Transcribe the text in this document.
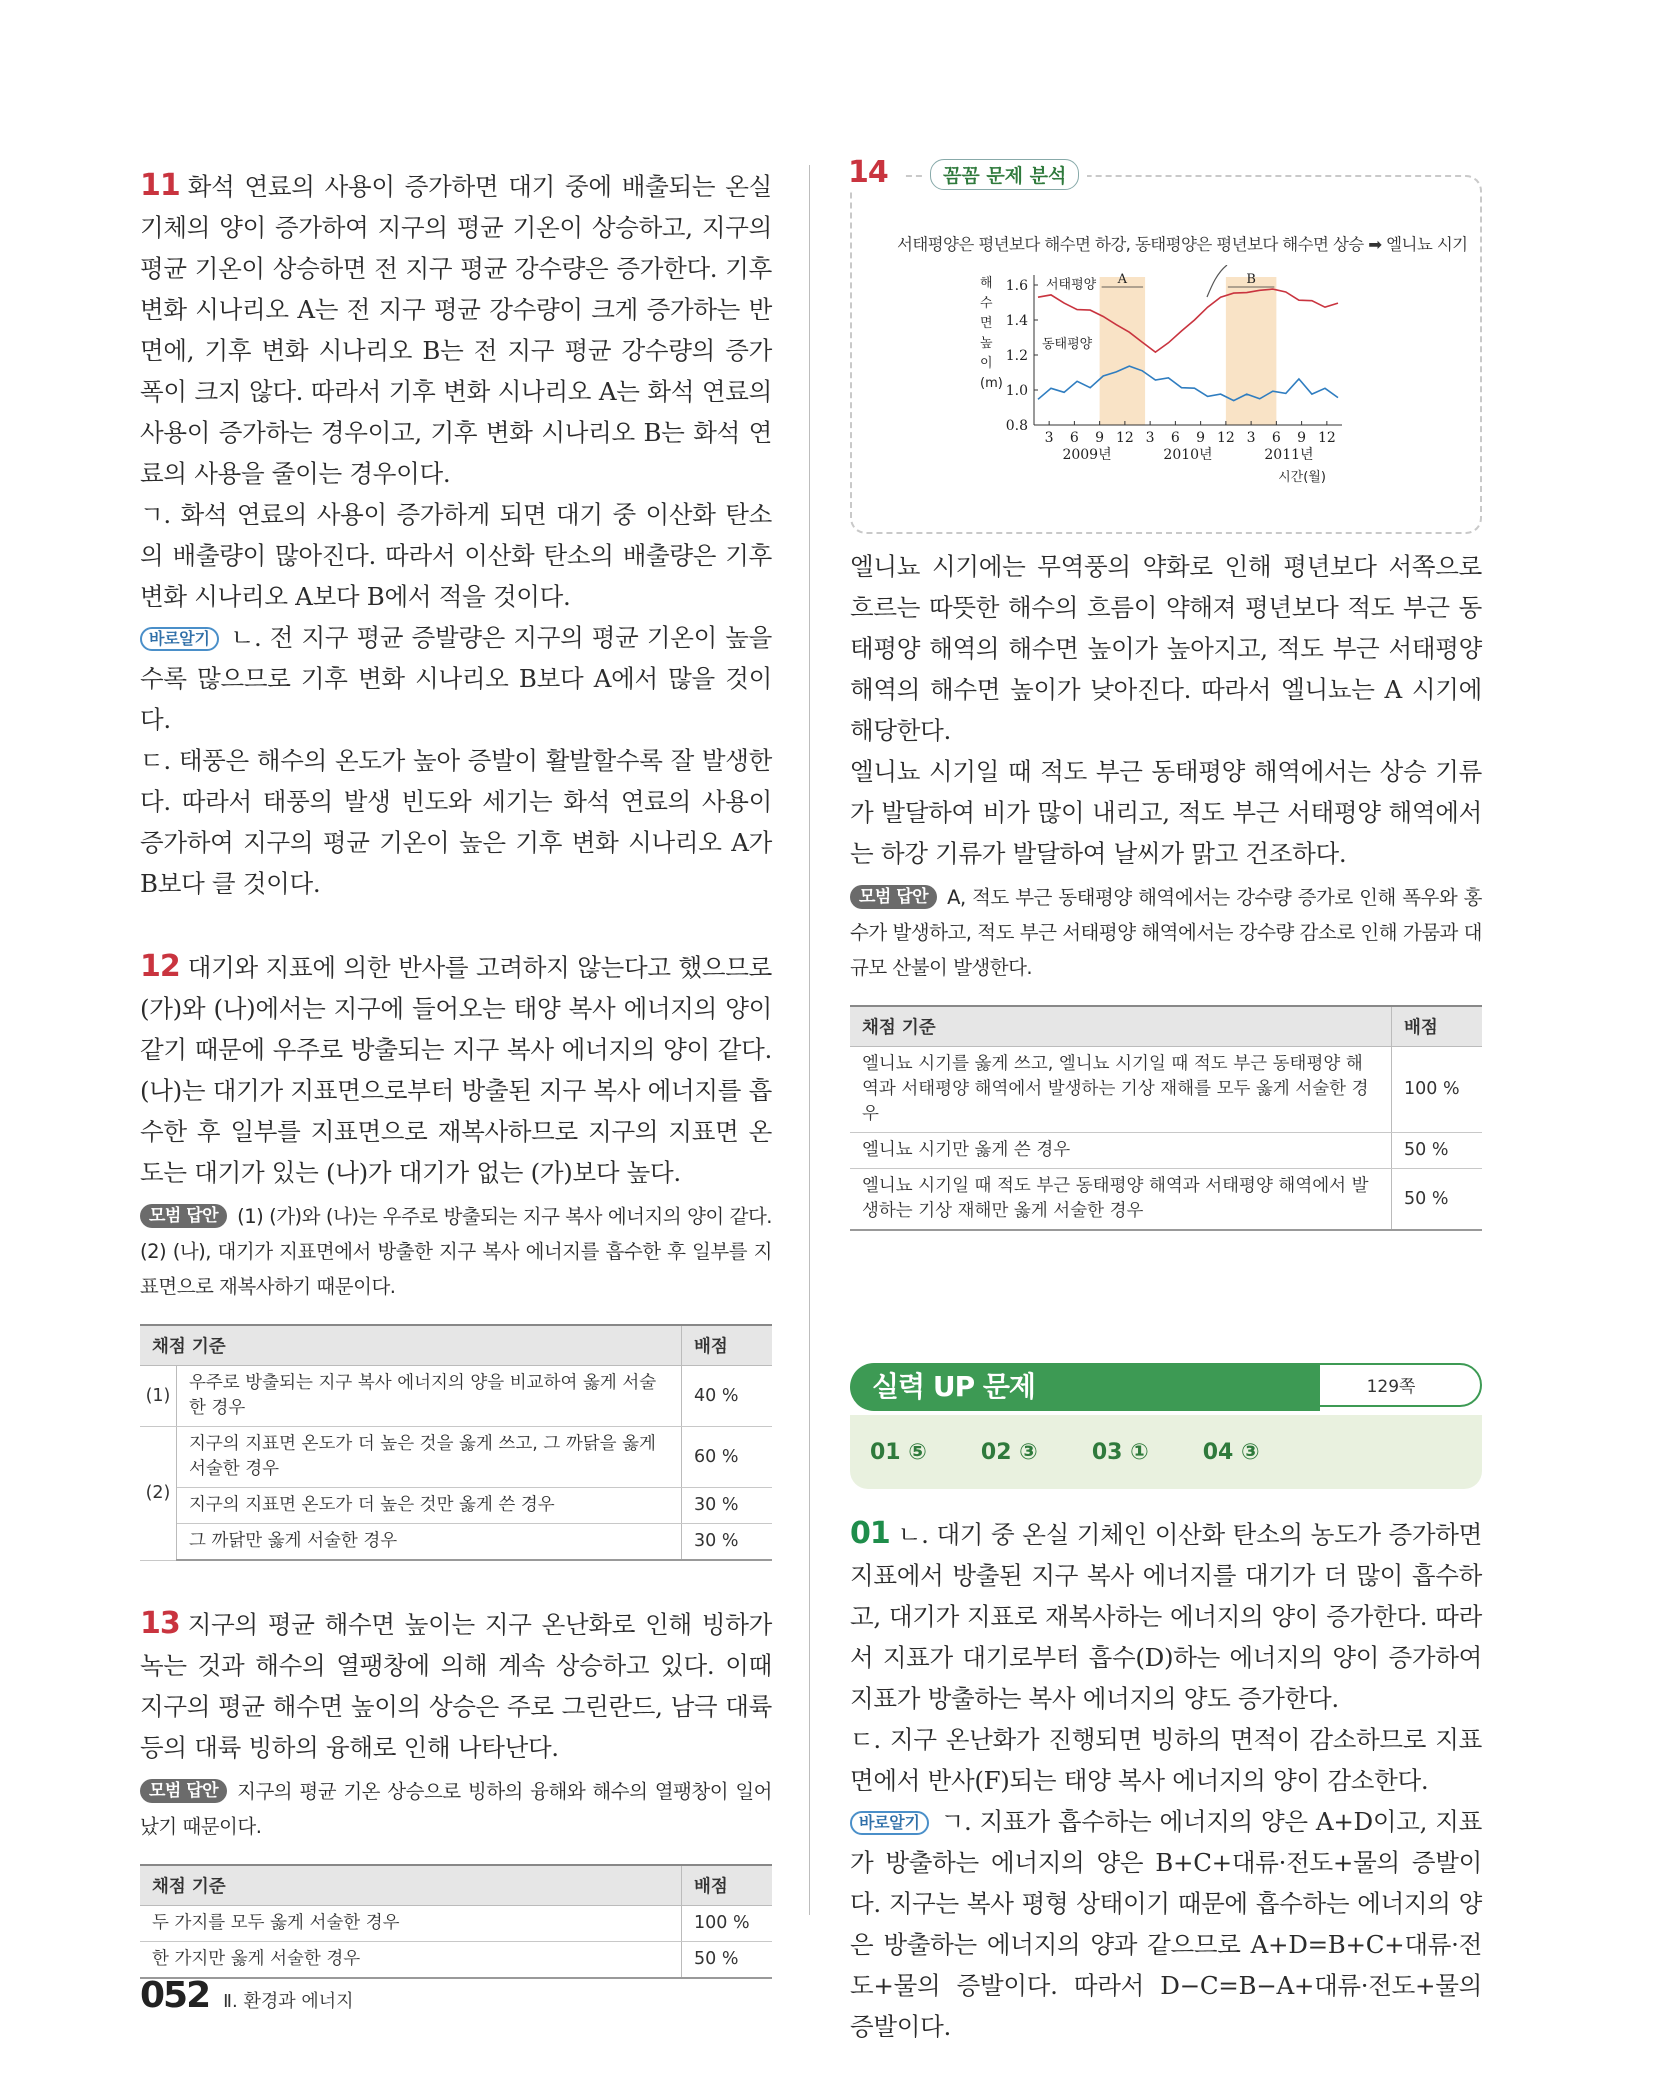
11 화석 연료의 사용이 증가하면 대기 중에 배출되는 온실 기체의 양이 증가하여 지구의 평균 기온이 상승하고, 지구의 평균 기온이 상승하면 전 지구 평균 강수량은 증가한다. 기후 변화 시나리오 A는 전 지구 평균 강수량이 크게 증가하는 반면에, 기후 변화 시나리오 B는 전 지구 평균 강수량의 증가 폭이 크지 않다. 따라서 기후 변화 시나리오 A는 화석 연료의 사용이 증가하는 경우이고, 기후 변화 시나리오 B는 화석 연료의 사용을 줄이는 경우이다.

ㄱ. 화석 연료의 사용이 증가하게 되면 대기 중 이산화 탄소의 배출량이 많아진다. 따라서 이산화 탄소의 배출량은 기후 변화 시나리오 A보다 B에서 적을 것이다.

바로알기 ㄴ. 전 지구 평균 증발량은 지구의 평균 기온이 높을수록 많으므로 기후 변화 시나리오 B보다 A에서 많을 것이다.

ㄷ. 태풍은 해수의 온도가 높아 증발이 활발할수록 잘 발생한다. 따라서 태풍의 발생 빈도와 세기는 화석 연료의 사용이 증가하여 지구의 평균 기온이 높은 기후 변화 시나리오 A가 B보다 클 것이다.

12 대기와 지표에 의한 반사를 고려하지 않는다고 했으므로 (가)와 (나)에서는 지구에 들어오는 태양 복사 에너지의 양이 같기 때문에 우주로 방출되는 지구 복사 에너지의 양이 같다. (나)는 대기가 지표면으로부터 방출된 지구 복사 에너지를 흡수한 후 일부를 지표면으로 재복사하므로 지구의 지표면 온도는 대기가 있는 (나)가 대기가 없는 (가)보다 높다.

모범 답안 (1) (가)와 (나)는 우주로 방출되는 지구 복사 에너지의 양이 같다. (2) (나), 대기가 지표면에서 방출한 지구 복사 에너지를 흡수한 후 일부를 지표면으로 재복사하기 때문이다.

채점 기준		배점
(1)	우주로 방출되는 지구 복사 에너지의 양을 비교하여 옳게 서술한 경우	40 %
(2)	지구의 지표면 온도가 더 높은 것을 옳게 쓰고, 그 까닭을 옳게 서술한 경우	60 %
	지구의 지표면 온도가 더 높은 것만 옳게 쓴 경우	30 %
	그 까닭만 옳게 서술한 경우	30 %

13 지구의 평균 해수면 높이는 지구 온난화로 인해 빙하가 녹는 것과 해수의 열팽창에 의해 계속 상승하고 있다. 이때 지구의 평균 해수면 높이의 상승은 주로 그린란드, 남극 대륙 등의 대륙 빙하의 융해로 인해 나타난다.

모범 답안 지구의 평균 기온 상승으로 빙하의 융해와 해수의 열팽창이 일어났기 때문이다.

채점 기준	배점
두 가지를 모두 옳게 서술한 경우	100 %
한 가지만 옳게 서술한 경우	50 %
14	꼼꼼 문제 분석
서태평양은 평년보다 해수면 하강, 동태평양은 평년보다 해수면 상승 ➡ 엘니뇨 시기
A	B
1.6
1.4
1.2
1.0
0.8
해
수
면
높
이
(m)
3 6 9 12 3 6 9 12 3 6 9 12
2009년	2010년	2011년
시간(월)
서태평양
동태평양

엘니뇨 시기에는 무역풍의 약화로 인해 평년보다 서쪽으로 흐르는 따뜻한 해수의 흐름이 약해져 평년보다 적도 부근 동태평양 해역의 해수면 높이가 높아지고, 적도 부근 서태평양 해역의 해수면 높이가 낮아진다. 따라서 엘니뇨는 A 시기에 해당한다.

엘니뇨 시기일 때 적도 부근 동태평양 해역에서는 상승 기류가 발달하여 비가 많이 내리고, 적도 부근 서태평양 해역에서는 하강 기류가 발달하여 날씨가 맑고 건조하다.

모범 답안 A, 적도 부근 동태평양 해역에서는 강수량 증가로 인해 폭우와 홍수가 발생하고, 적도 부근 서태평양 해역에서는 강수량 감소로 인해 가뭄과 대규모 산불이 발생한다.

채점 기준	배점
엘니뇨 시기를 옳게 쓰고, 엘니뇨 시기일 때 적도 부근 동태평양 해역과 서태평양 해역에서 발생하는 기상 재해를 모두 옳게 서술한 경우	100 %
엘니뇨 시기만 옳게 쓴 경우	50 %
엘니뇨 시기일 때 적도 부근 동태평양 해역과 서태평양 해역에서 발생하는 기상 재해만 옳게 서술한 경우	50 %
129쪽
실력 UP 문제
01 ⑤ 02 ③ 03 ① 04 ③

01 ㄴ. 대기 중 온실 기체인 이산화 탄소의 농도가 증가하면 지표에서 방출된 지구 복사 에너지를 대기가 더 많이 흡수하고, 대기가 지표로 재복사하는 에너지의 양이 증가한다. 따라서 지표가 대기로부터 흡수(D)하는 에너지의 양이 증가하여 지표가 방출하는 복사 에너지의 양도 증가한다.

ㄷ. 지구 온난화가 진행되면 빙하의 면적이 감소하므로 지표면에서 반사(F)되는 태양 복사 에너지의 양이 감소한다.

바로알기 ㄱ. 지표가 흡수하는 에너지의 양은 A+D이고, 지표가 방출하는 에너지의 양은 B+C+대류·전도+물의 증발이다. 지구는 복사 평형 상태이기 때문에 흡수하는 에너지의 양은 방출하는 에너지의 양과 같으므로 A+D=B+C+대류·전도+물의 증발이다. 따라서 D−C=B−A+대류·전도+물의 증발이다.

052 Ⅱ. 환경과 에너지
